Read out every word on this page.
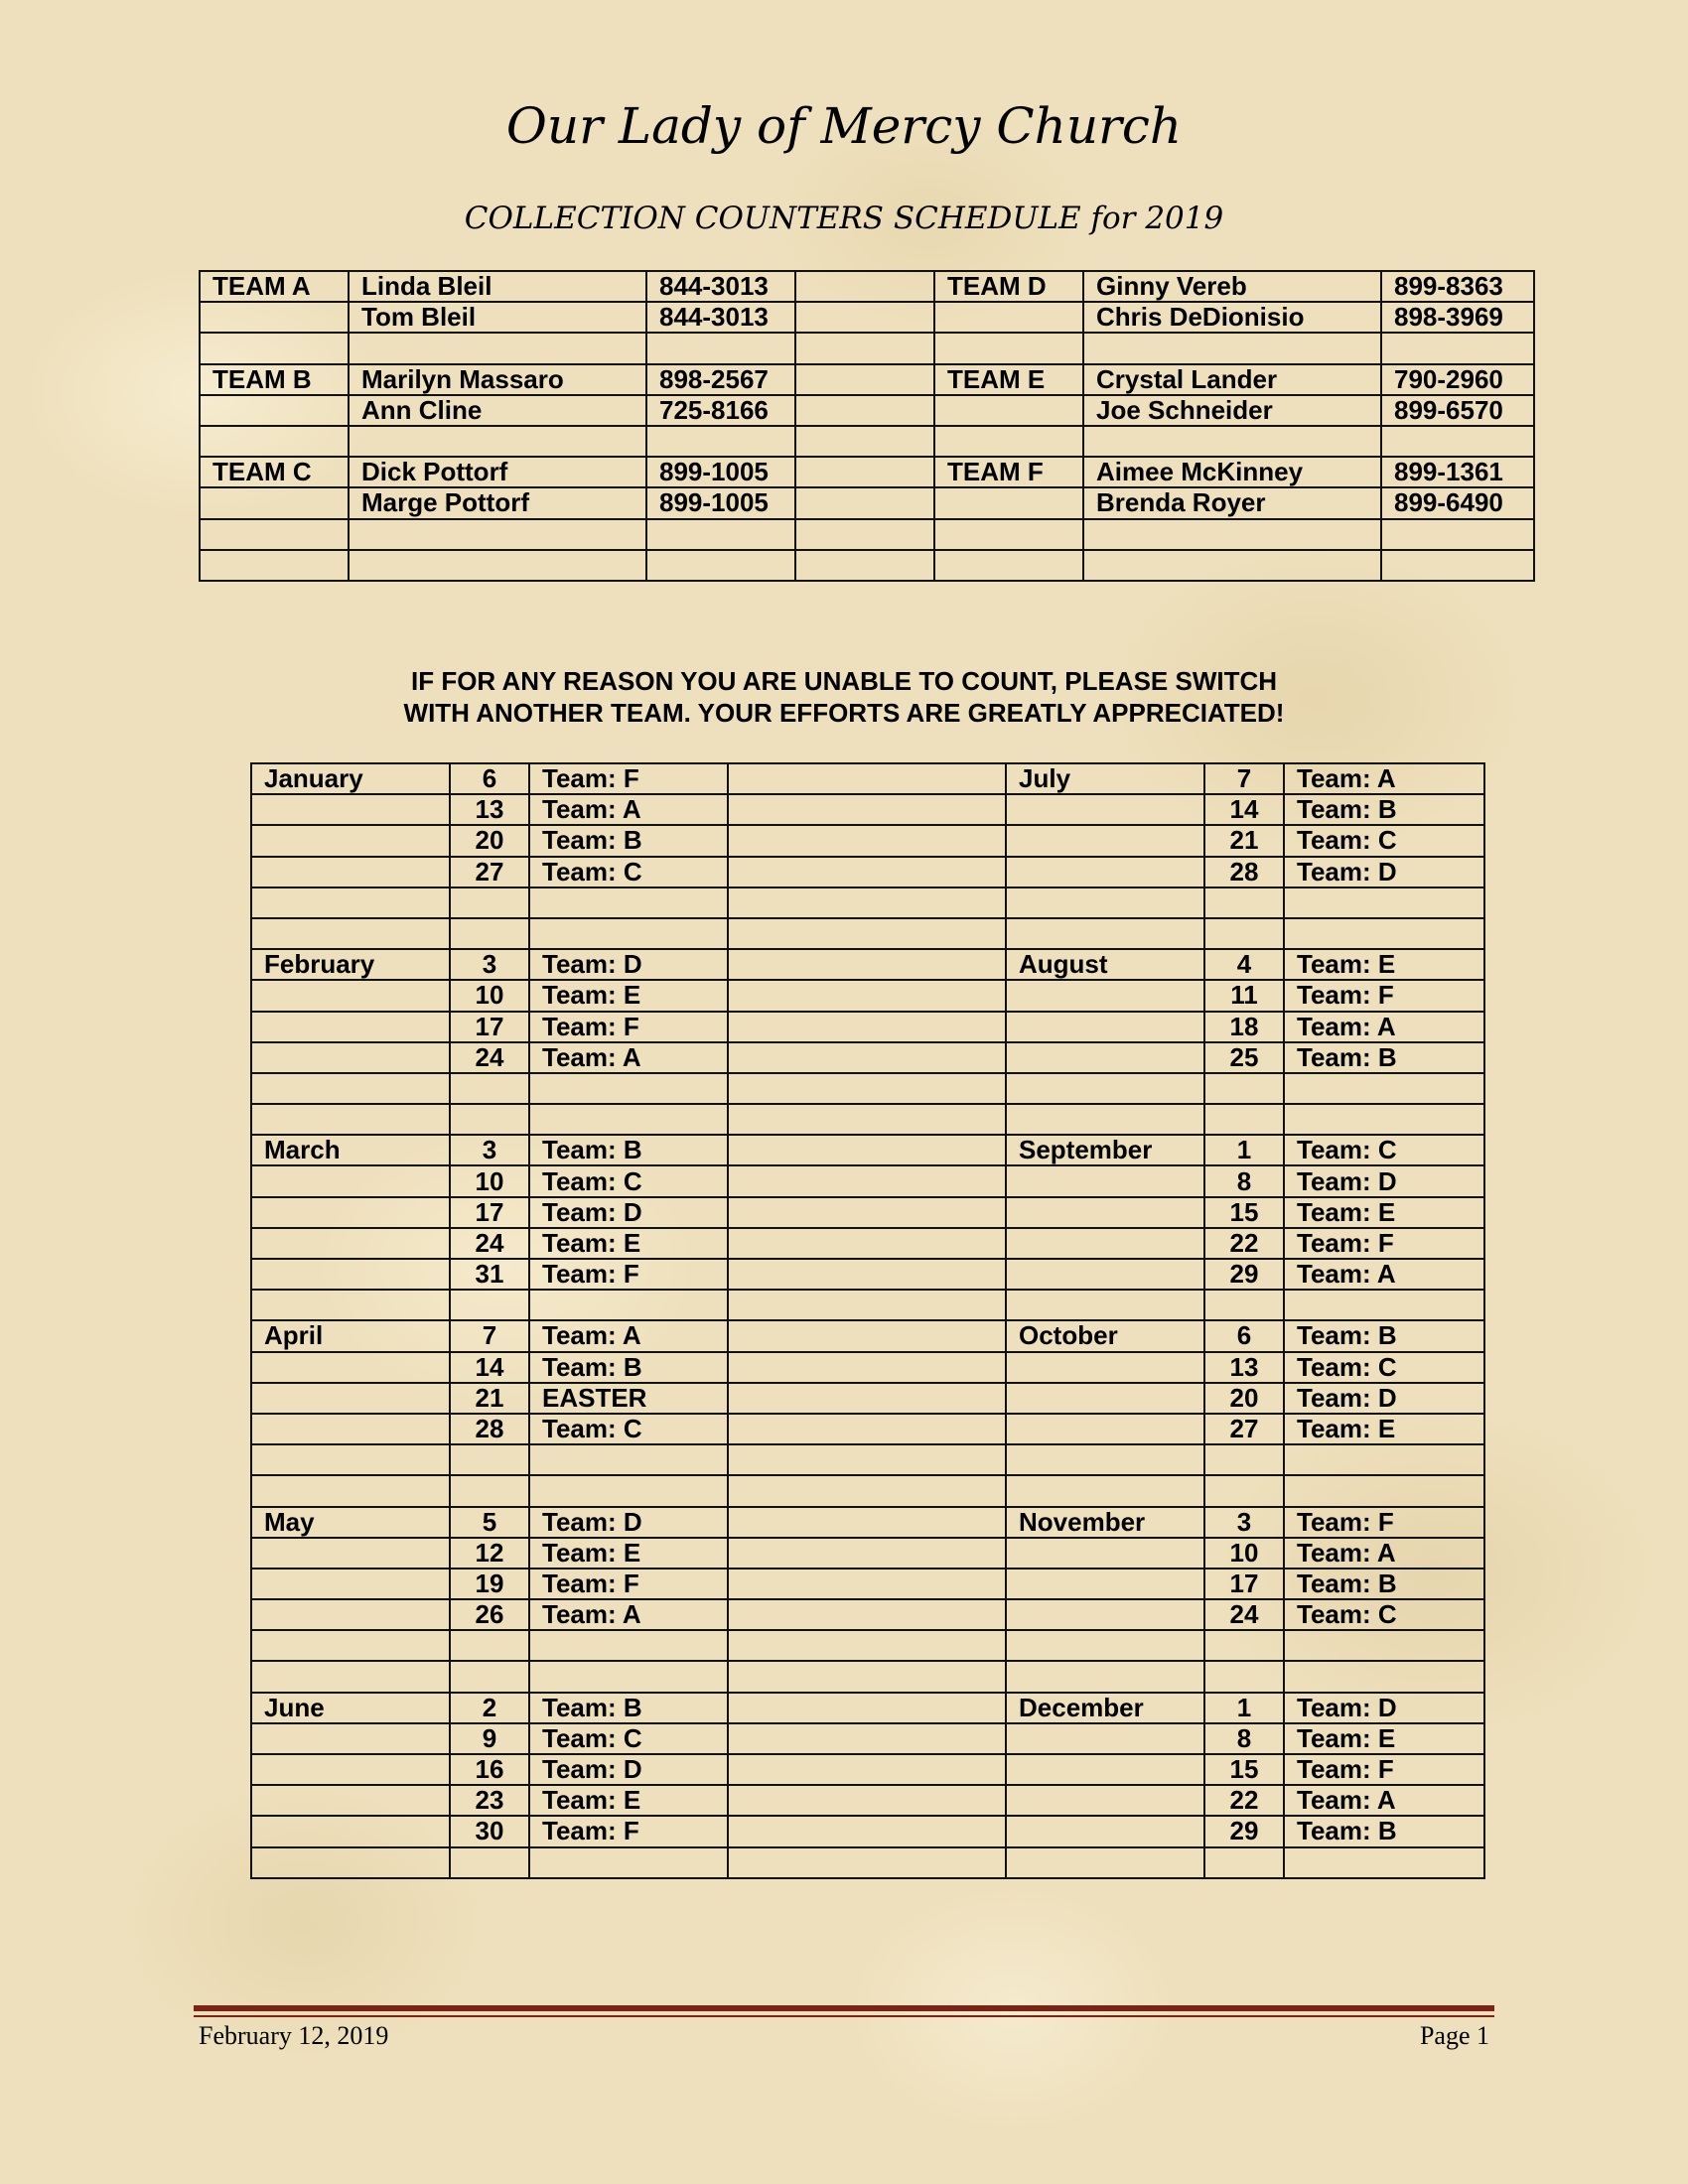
Our Lady of Mercy Church
COLLECTION COUNTERS SCHEDULE for 2019
TEAM A	Linda Bleil	844-3013		TEAM D	Ginny Vereb	899-8363
	Tom Bleil	844-3013			Chris DeDionisio	898-3969

TEAM B	Marilyn Massaro	898-2567		TEAM E	Crystal Lander	790-2960
	Ann Cline	725-8166			Joe Schneider	899-6570

TEAM C	Dick Pottorf	899-1005		TEAM F	Aimee McKinney	899-1361
	Marge Pottorf	899-1005			Brenda Royer	899-6490

IF FOR ANY REASON YOU ARE UNABLE TO COUNT, PLEASE SWITCH
WITH ANOTHER TEAM. YOUR EFFORTS ARE GREATLY APPRECIATED!
January	6	Team: F		July	7	Team: A
	13	Team: A			14	Team: B
	20	Team: B			21	Team: C
	27	Team: C			28	Team: D

February	3	Team: D		August	4	Team: E
	10	Team: E			11	Team: F
	17	Team: F			18	Team: A
	24	Team: A			25	Team: B

March	3	Team: B		September	1	Team: C
	10	Team: C			8	Team: D
	17	Team: D			15	Team: E
	24	Team: E			22	Team: F
	31	Team: F			29	Team: A

April	7	Team: A		October	6	Team: B
	14	Team: B			13	Team: C
	21	EASTER			20	Team: D
	28	Team: C			27	Team: E

May	5	Team: D		November	3	Team: F
	12	Team: E			10	Team: A
	19	Team: F			17	Team: B
	26	Team: A			24	Team: C

June	2	Team: B		December	1	Team: D
	9	Team: C			8	Team: E
	16	Team: D			15	Team: F
	23	Team: E			22	Team: A
	30	Team: F			29	Team: B

February 12, 2019	Page 1
